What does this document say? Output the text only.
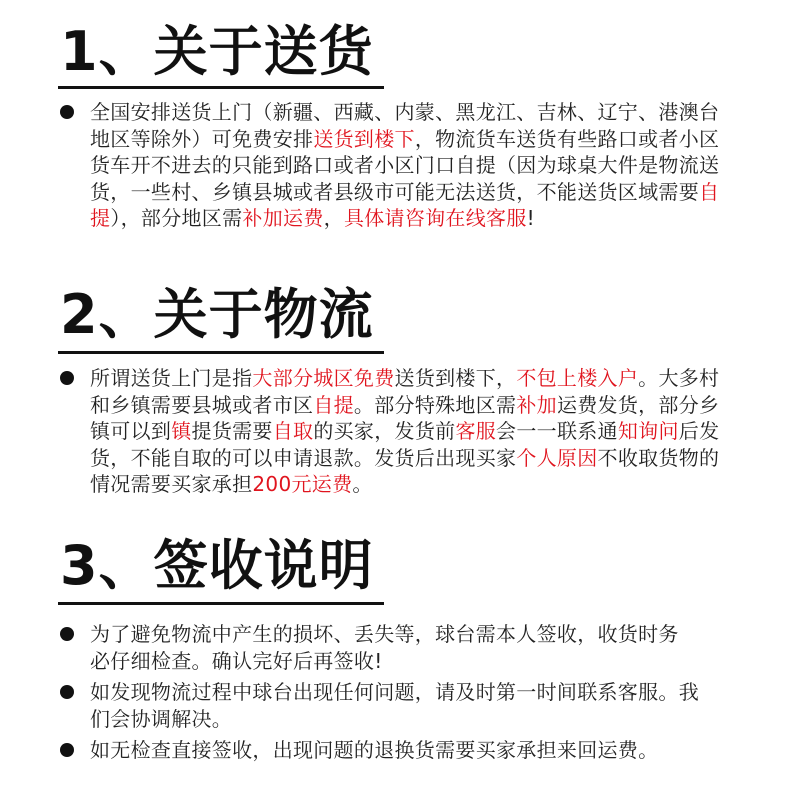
1、关于送货

全国安排送货上门（新疆、西藏、内蒙、黑龙江、吉林、辽宁、港澳台地区等除外）可免费安排送货到楼下，物流货车送货有些路口或者小区货车开不进去的只能到路口或者小区门口自提（因为球桌大件是物流送货，一些村、乡镇县城或者县级市可能无法送货，不能送货区域需要自提），部分地区需补加运费，具体请咨询在线客服!

2、关于物流

所谓送货上门是指大部分城区免费送货到楼下，不包上楼入户。大多村和乡镇需要县城或者市区自提。部分特殊地区需补加运费发货，部分乡镇可以到镇提货需要自取的买家，发货前客服会一一联系通知询问后发货，不能自取的可以申请退款。发货后出现买家个人原因不收取货物的情况需要买家承担200元运费。

3、签收说明

为了避免物流中产生的损坏、丢失等，球台需本人签收，收货时务必仔细检查。确认完好后再签收!

如发现物流过程中球台出现任何问题，请及时第一时间联系客服。我们会协调解决。

如无检查直接签收，出现问题的退换货需要买家承担来回运费。
